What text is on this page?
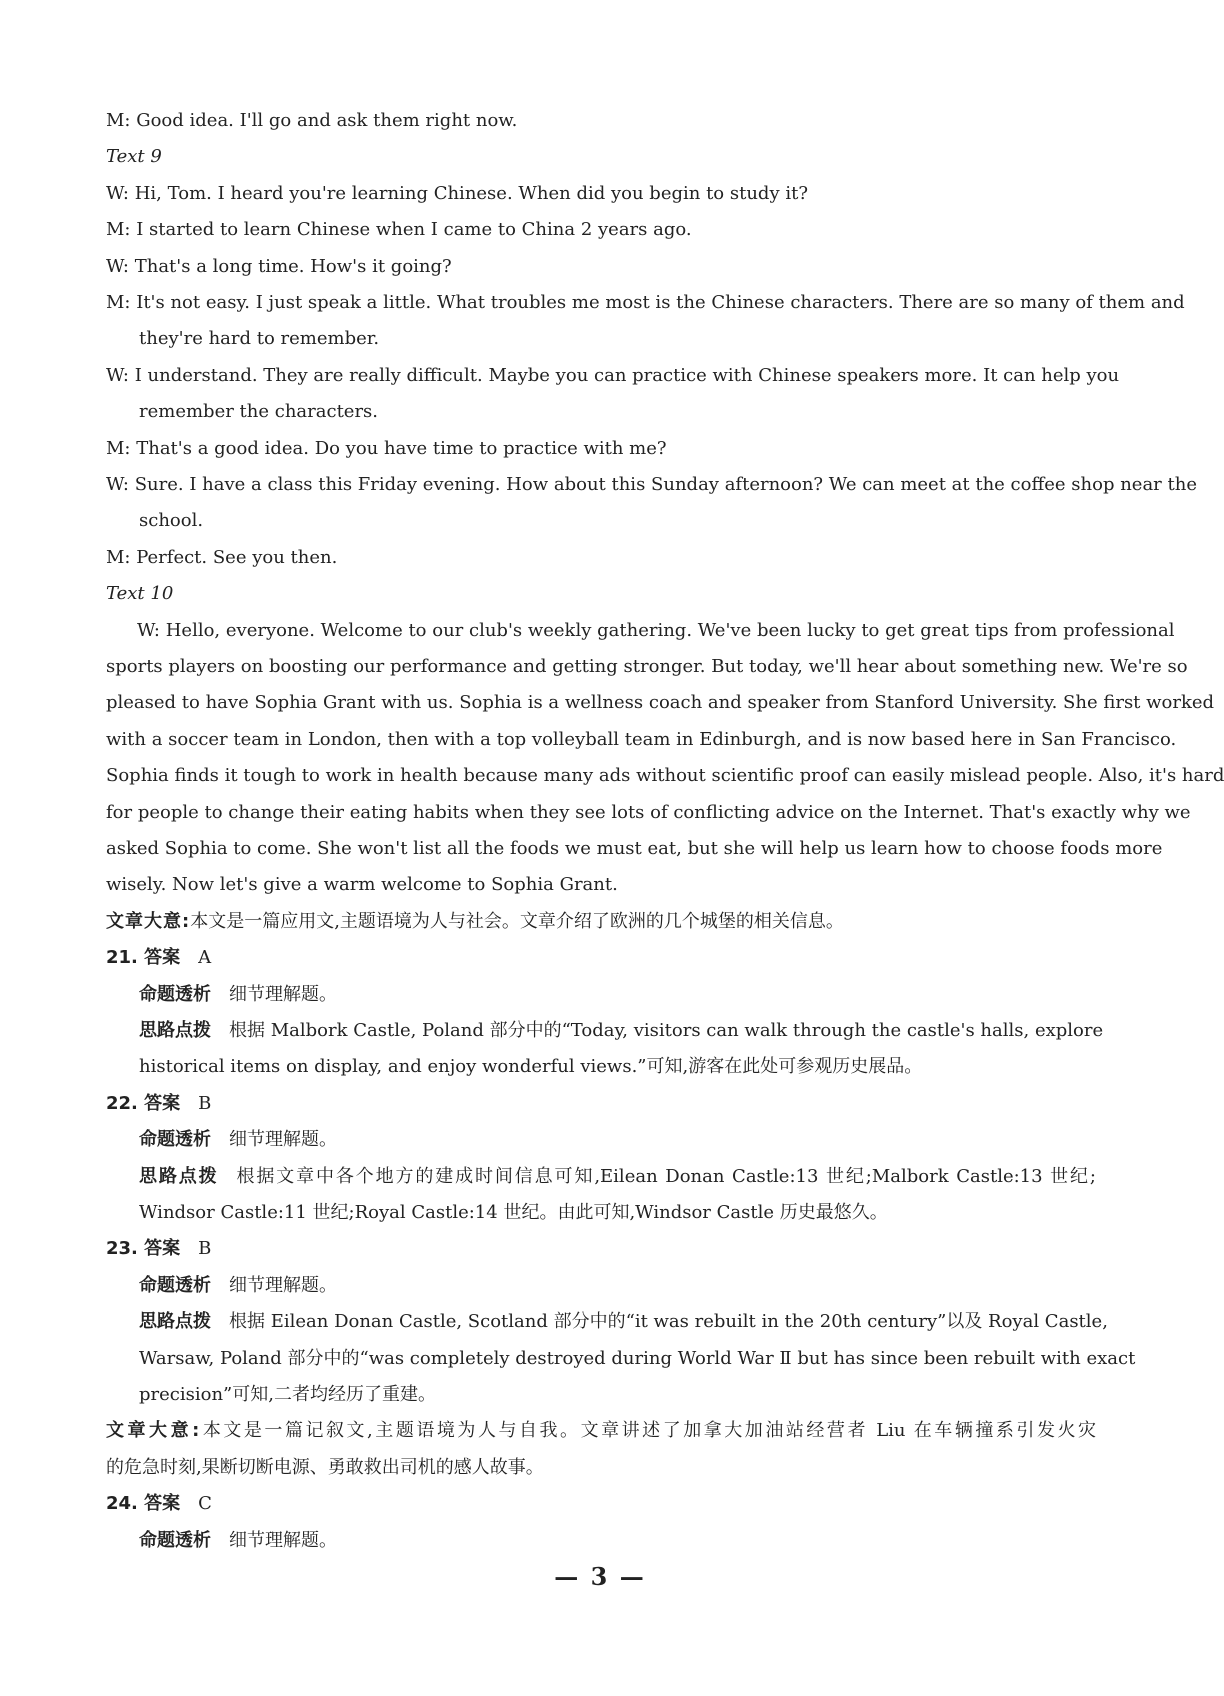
M: Good idea. I'll go and ask them right now.
Text 9
W: Hi, Tom. I heard you're learning Chinese. When did you begin to study it?
M: I started to learn Chinese when I came to China 2 years ago.
W: That's a long time. How's it going?
M: It's not easy. I just speak a little. What troubles me most is the Chinese characters. There are so many of them and
they're hard to remember.
W: I understand. They are really difficult. Maybe you can practice with Chinese speakers more. It can help you
remember the characters.
M: That's a good idea. Do you have time to practice with me?
W: Sure. I have a class this Friday evening. How about this Sunday afternoon? We can meet at the coffee shop near the
school.
M: Perfect. See you then.
Text 10
W: Hello, everyone. Welcome to our club's weekly gathering. We've been lucky to get great tips from professional
sports players on boosting our performance and getting stronger. But today, we'll hear about something new. We're so
pleased to have Sophia Grant with us. Sophia is a wellness coach and speaker from Stanford University. She first worked
with a soccer team in London, then with a top volleyball team in Edinburgh, and is now based here in San Francisco.
Sophia finds it tough to work in health because many ads without scientific proof can easily mislead people. Also, it's hard
for people to change their eating habits when they see lots of conflicting advice on the Internet. That's exactly why we
asked Sophia to come. She won't list all the foods we must eat, but she will help us learn how to choose foods more
wisely. Now let's give a warm welcome to Sophia Grant.
文章大意:本文是一篇应用文,主题语境为人与社会。文章介绍了欧洲的几个城堡的相关信息。
21. 答案 A
命题透析 细节理解题。
思路点拨 根据 Malbork Castle, Poland 部分中的“Today, visitors can walk through the castle's halls, explore
historical items on display, and enjoy wonderful views.”可知,游客在此处可参观历史展品。
22. 答案 B
命题透析 细节理解题。
思路点拨 根据文章中各个地方的建成时间信息可知,Eilean Donan Castle:13 世纪;Malbork Castle:13 世纪;
Windsor Castle:11 世纪;Royal Castle:14 世纪。由此可知,Windsor Castle 历史最悠久。
23. 答案 B
命题透析 细节理解题。
思路点拨 根据 Eilean Donan Castle, Scotland 部分中的“it was rebuilt in the 20th century”以及 Royal Castle,
Warsaw, Poland 部分中的“was completely destroyed during World War Ⅱ but has since been rebuilt with exact
precision”可知,二者均经历了重建。
文章大意:本文是一篇记叙文,主题语境为人与自我。文章讲述了加拿大加油站经营者 Liu 在车辆撞系引发火灾
的危急时刻,果断切断电源、勇敢救出司机的感人故事。
24. 答案 C
命题透析 细节理解题。
— 3 —
